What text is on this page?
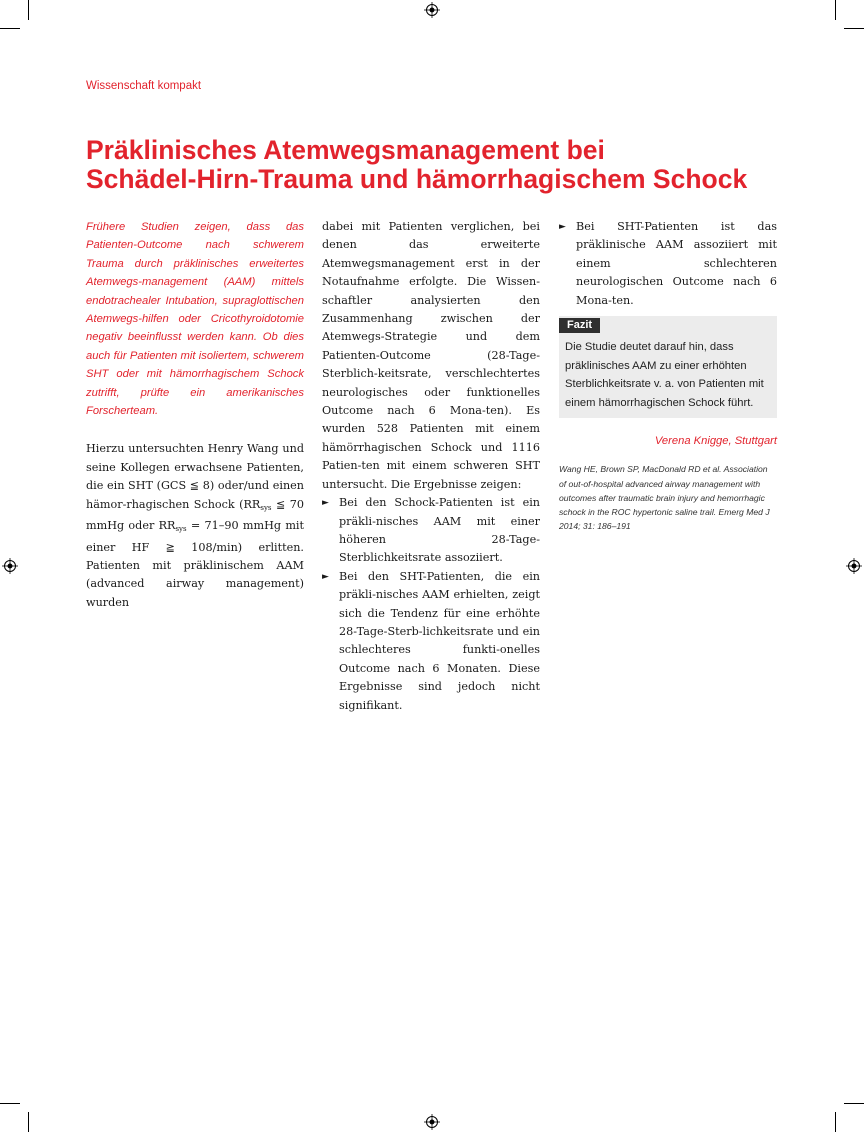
Wissenschaft kompakt
Präklinisches Atemwegsmanagement bei
Schädel-Hirn-Trauma und hämorrhagischem Schock

Frühere Studien zeigen, dass das Patienten-Outcome nach schwerem Trauma durch präklinisches erweitertes Atemwegs-management (AAM) mittels endotrachealer Intubation, supraglottischen Atemwegs-hilfen oder Cricothyroidotomie negativ beeinflusst werden kann. Ob dies auch für Patienten mit isoliertem, schwerem SHT oder mit hämorrhagischem Schock zutrifft, prüfte ein amerikanisches Forscherteam.

Hierzu untersuchten Henry Wang und seine Kollegen erwachsene Patienten, die ein SHT (GCS ≦ 8) oder/und einen hämor-rhagischen Schock ($RR_{sys}$ ≦ 70 mmHg oder $RR_{sys} = 71-90$ mmHg mit einer HF ≧ 108/min) erlitten. Patienten mit präklinischem AAM (advanced airway management) wurden

dabei mit Patienten verglichen, bei denen das erweiterte Atemwegsmanagement erst in der Notaufnahme erfolgte. Die Wissen-schaftler analysierten den Zusammenhang zwischen der Atemwegs-Strategie und dem Patienten-Outcome (28-Tage-Sterblich-keitsrate, verschlechtertes neurologisches oder funktionelles Outcome nach 6 Mona-ten). Es wurden 528 Patienten mit einem hämörrhagischen Schock und 1116 Patien-ten mit einem schweren SHT untersucht. Die Ergebnisse zeigen:

► Bei den Schock-Patienten ist ein präkli-nisches AAM mit einer höheren 28-Tage-Sterblichkeitsrate assoziiert.
► Bei den SHT-Patienten, die ein präkli-nisches AAM erhielten, zeigt sich die Tendenz für eine erhöhte 28-Tage-Sterb-lichkeitsrate und ein schlechteres funkti-onelles Outcome nach 6 Monaten. Diese Ergebnisse sind jedoch nicht signifikant.
► Bei SHT-Patienten ist das präklinische AAM assoziiert mit einem schlechteren neurologischen Outcome nach 6 Mona-ten.
Fazit

Die Studie deutet darauf hin, dass präklinisches AAM zu einer erhöhten Sterblichkeitsrate v. a. von Patienten mit einem hämorrhagischen Schock führt.

Verena Knigge, Stuttgart
Wang HE, Brown SP, MacDonald RD et al. Association of out-of-hospital advanced airway management with outcomes after traumatic brain injury and hemorrhagic schock in the ROC hypertonic saline trail. Emerg Med J 2014; 31: 186–191
